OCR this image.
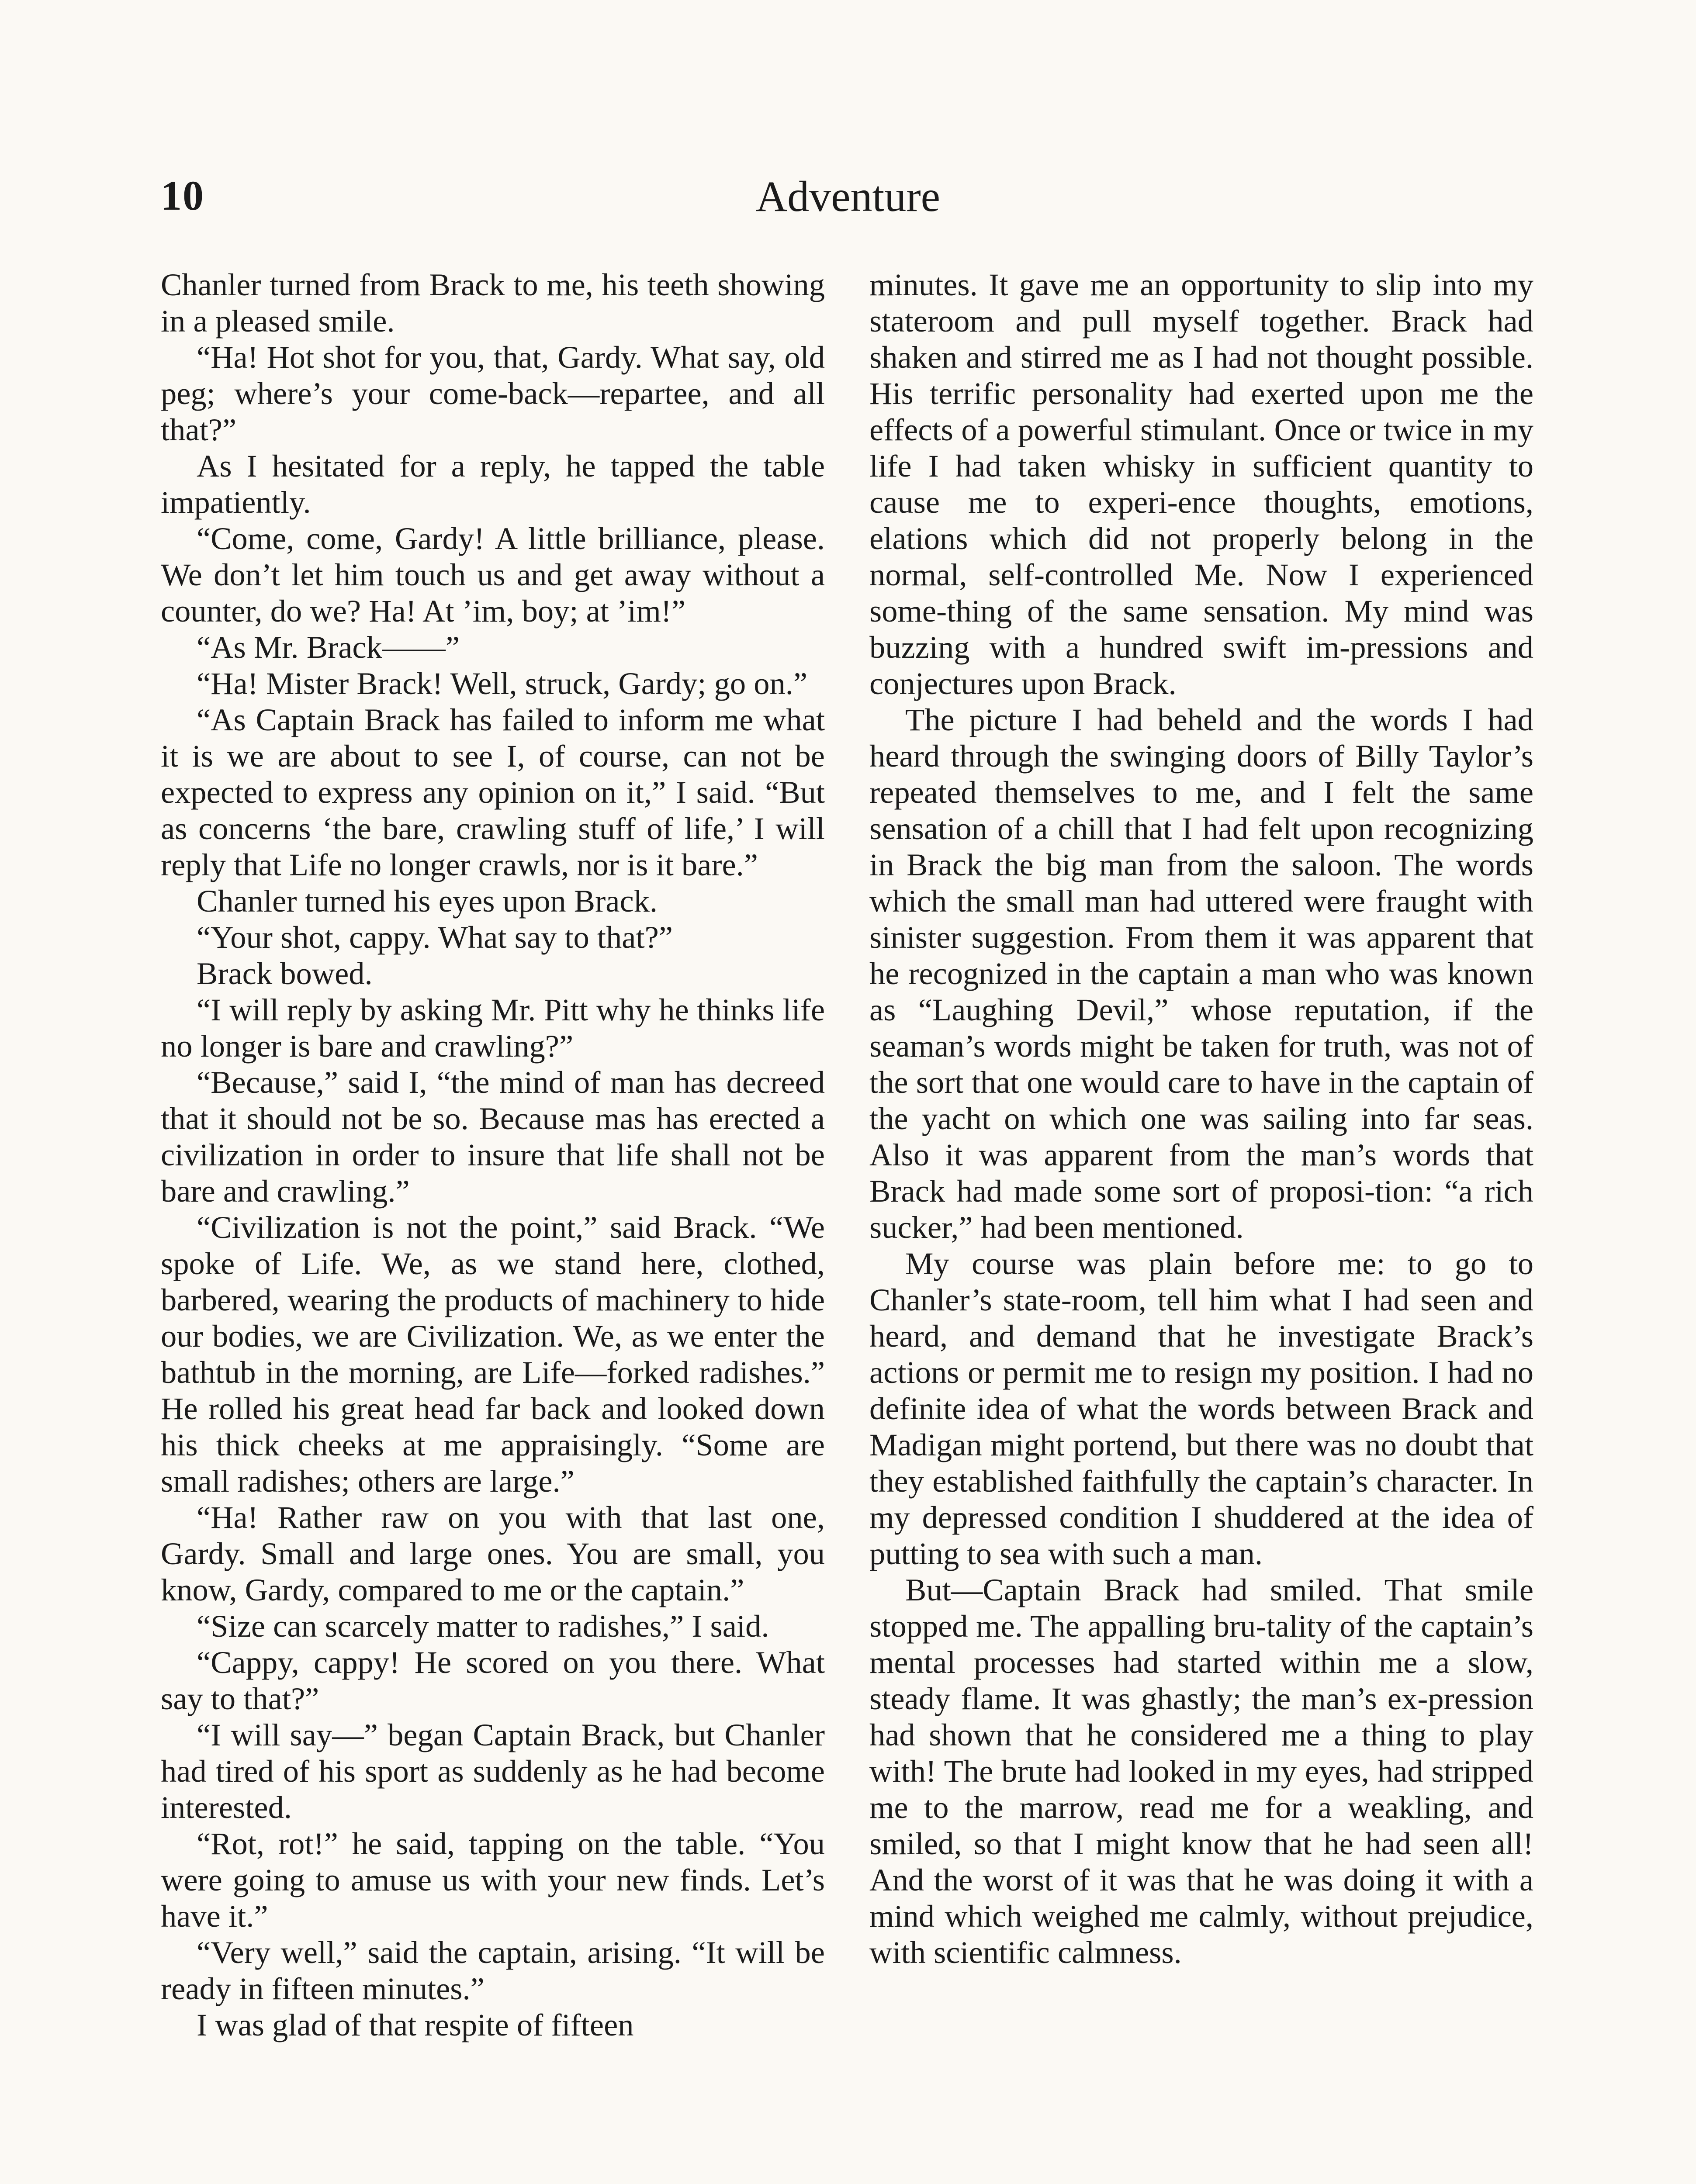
10	Adventure

Chanler turned from Brack to me, his teeth showing in a pleased smile.

“Ha! Hot shot for you, that, Gardy. What say, old peg; where’s your come-back—repartee, and all that?”

As I hesitated for a reply, he tapped the table impatiently.

“Come, come, Gardy! A little brilliance, please. We don’t let him touch us and get away without a counter, do we? Ha! At ’im, boy; at ’im!”

“As Mr. Brack——”

“Ha! Mister Brack! Well, struck, Gardy; go on.”

“As Captain Brack has failed to inform me what it is we are about to see I, of course, can not be expected to express any opinion on it,” I said. “But as concerns ‘the bare, crawling stuff of life,’ I will reply that Life no longer crawls, nor is it bare.”

Chanler turned his eyes upon Brack.

“Your shot, cappy. What say to that?”

Brack bowed.

“I will reply by asking Mr. Pitt why he thinks life no longer is bare and crawling?”

“Because,” said I, “the mind of man has decreed that it should not be so. Because mas has erected a civilization in order to insure that life shall not be bare and crawling.”

“Civilization is not the point,” said Brack. “We spoke of Life. We, as we stand here, clothed, barbered, wearing the products of machinery to hide our bodies, we are Civilization. We, as we enter the bathtub in the morning, are Life—forked radishes.” He rolled his great head far back and looked down his thick cheeks at me appraisingly. “Some are small radishes; others are large.”

“Ha! Rather raw on you with that last one, Gardy. Small and large ones. You are small, you know, Gardy, compared to me or the captain.”

“Size can scarcely matter to radishes,” I said.

“Cappy, cappy! He scored on you there. What say to that?”

“I will say—” began Captain Brack, but Chanler had tired of his sport as suddenly as he had become interested.

“Rot, rot!” he said, tapping on the table. “You were going to amuse us with your new finds. Let’s have it.”

“Very well,” said the captain, arising. “It will be ready in fifteen minutes.”

I was glad of that respite of fifteen

minutes. It gave me an opportunity to slip into my stateroom and pull myself together. Brack had shaken and stirred me as I had not thought possible. His terrific personality had exerted upon me the effects of a powerful stimulant. Once or twice in my life I had taken whisky in sufficient quantity to cause me to experi-ence thoughts, emotions, elations which did not properly belong in the normal, self-controlled Me. Now I experienced some-thing of the same sensation. My mind was buzzing with a hundred swift im-pressions and conjectures upon Brack.

The picture I had beheld and the words I had heard through the swinging doors of Billy Taylor’s repeated themselves to me, and I felt the same sensation of a chill that I had felt upon recognizing in Brack the big man from the saloon. The words which the small man had uttered were fraught with sinister suggestion. From them it was apparent that he recognized in the captain a man who was known as “Laughing Devil,” whose reputation, if the seaman’s words might be taken for truth, was not of the sort that one would care to have in the captain of the yacht on which one was sailing into far seas. Also it was apparent from the man’s words that Brack had made some sort of proposi-tion: “a rich sucker,” had been mentioned.

My course was plain before me: to go to Chanler’s state-room, tell him what I had seen and heard, and demand that he investigate Brack’s actions or permit me to resign my position. I had no definite idea of what the words between Brack and Madigan might portend, but there was no doubt that they established faithfully the captain’s character. In my depressed condition I shuddered at the idea of putting to sea with such a man.

But—Captain Brack had smiled. That smile stopped me. The appalling bru-tality of the captain’s mental processes had started within me a slow, steady flame. It was ghastly; the man’s ex-pression had shown that he considered me a thing to play with! The brute had looked in my eyes, had stripped me to the marrow, read me for a weakling, and smiled, so that I might know that he had seen all! And the worst of it was that he was doing it with a mind which weighed me calmly, without prejudice, with scientific calmness.
